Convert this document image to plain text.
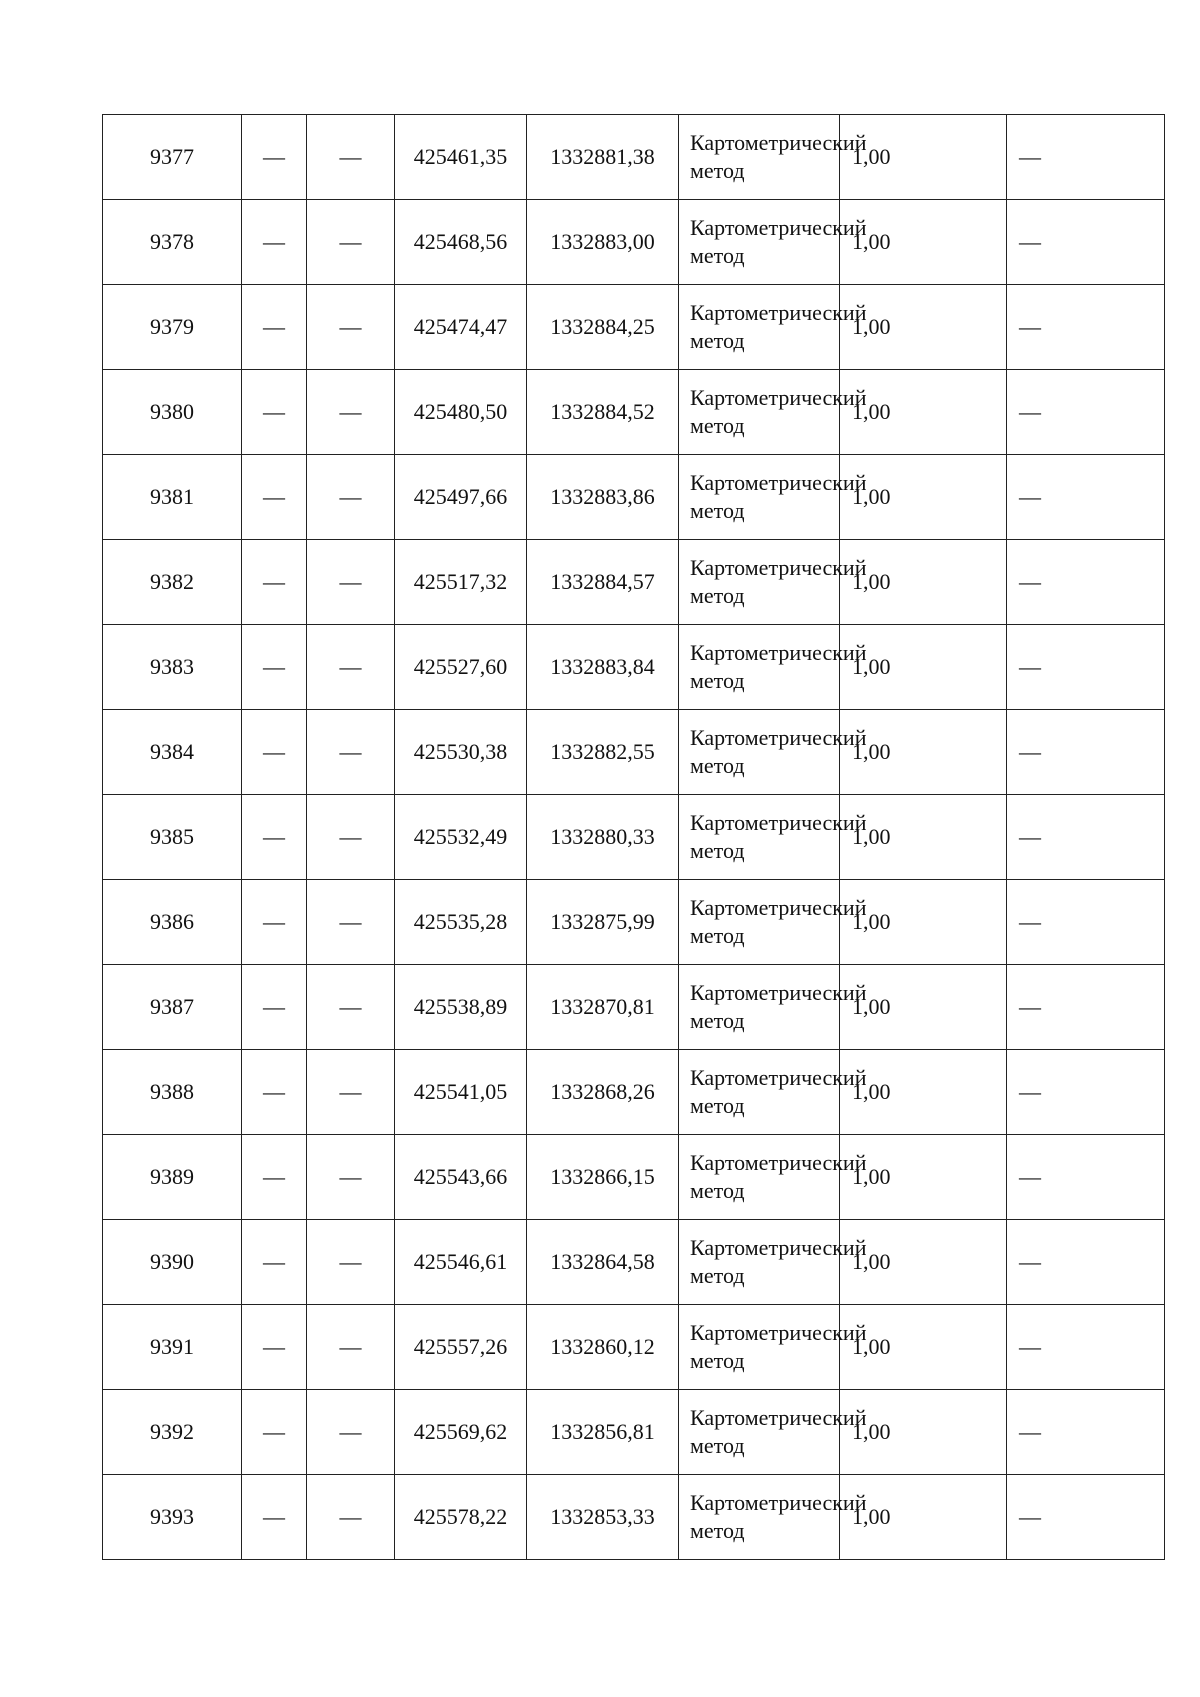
9377	—	—	425461,35	1332881,38	Картометрический метод	1,00	—
9378	—	—	425468,56	1332883,00	Картометрический метод	1,00	—
9379	—	—	425474,47	1332884,25	Картометрический метод	1,00	—
9380	—	—	425480,50	1332884,52	Картометрический метод	1,00	—
9381	—	—	425497,66	1332883,86	Картометрический метод	1,00	—
9382	—	—	425517,32	1332884,57	Картометрический метод	1,00	—
9383	—	—	425527,60	1332883,84	Картометрический метод	1,00	—
9384	—	—	425530,38	1332882,55	Картометрический метод	1,00	—
9385	—	—	425532,49	1332880,33	Картометрический метод	1,00	—
9386	—	—	425535,28	1332875,99	Картометрический метод	1,00	—
9387	—	—	425538,89	1332870,81	Картометрический метод	1,00	—
9388	—	—	425541,05	1332868,26	Картометрический метод	1,00	—
9389	—	—	425543,66	1332866,15	Картометрический метод	1,00	—
9390	—	—	425546,61	1332864,58	Картометрический метод	1,00	—
9391	—	—	425557,26	1332860,12	Картометрический метод	1,00	—
9392	—	—	425569,62	1332856,81	Картометрический метод	1,00	—
9393	—	—	425578,22	1332853,33	Картометрический метод	1,00	—
